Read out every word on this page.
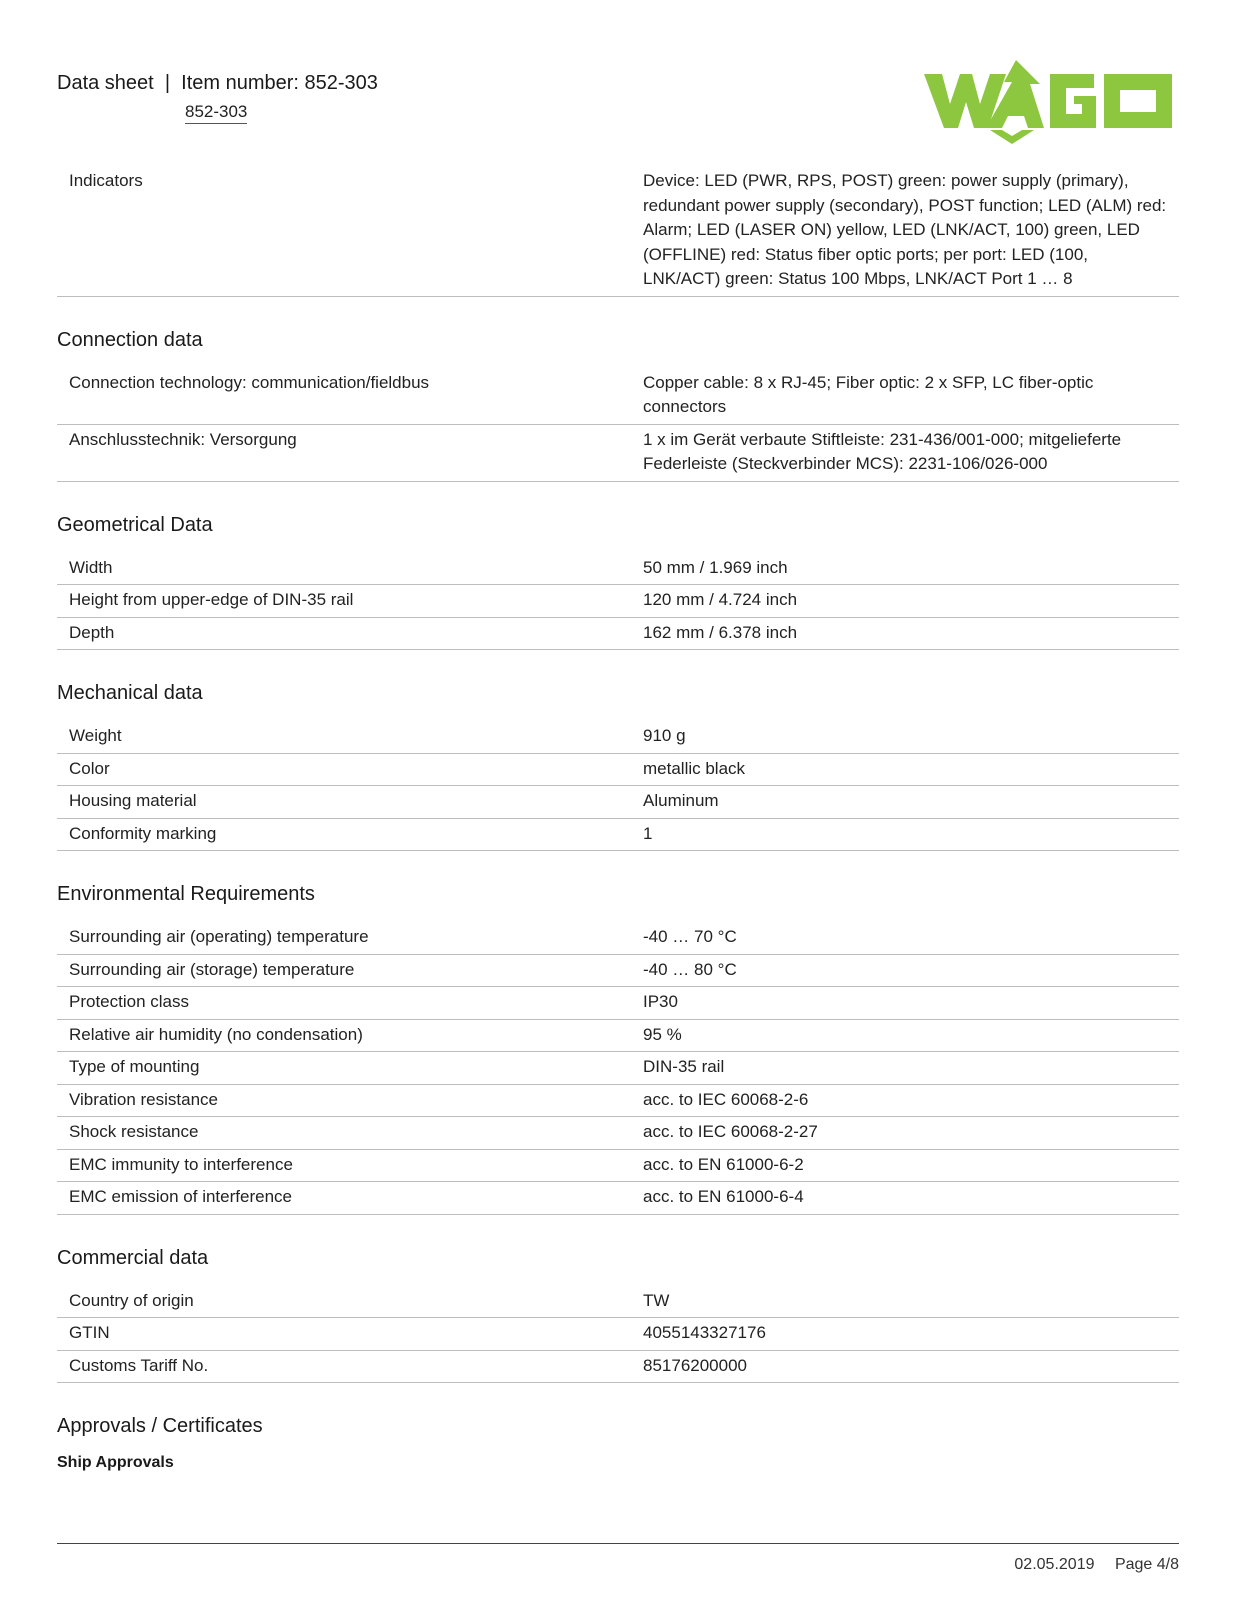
Data sheet  |  Item number: 852-303
852-303
Indicators	Device: LED (PWR, RPS, POST) green: power supply (primary), redundant power supply (secondary), POST function; LED (ALM) red: Alarm; LED (LASER ON) yellow, LED (LNK/ACT, 100) green, LED (OFFLINE) red: Status fiber optic ports; per port: LED (100, LNK/ACT) green: Status 100 Mbps, LNK/ACT Port 1 … 8
Connection data
Connection technology: communication/fieldbus	Copper cable: 8 x RJ-45; Fiber optic: 2 x SFP, LC fiber-optic connectors
Anschlusstechnik: Versorgung	1 x im Gerät verbaute Stiftleiste: 231-436/001-000; mitgelieferte Federleiste (Steckverbinder MCS): 2231-106/026-000
Geometrical Data
Width	50 mm / 1.969 inch
Height from upper-edge of DIN-35 rail	120 mm / 4.724 inch
Depth	162 mm / 6.378 inch
Mechanical data
Weight	910 g
Color	metallic black
Housing material	Aluminum
Conformity marking	1
Environmental Requirements
Surrounding air (operating) temperature	-40 … 70 °C
Surrounding air (storage) temperature	-40 … 80 °C
Protection class	IP30
Relative air humidity (no condensation)	95 %
Type of mounting	DIN-35 rail
Vibration resistance	acc. to IEC 60068-2-6
Shock resistance	acc. to IEC 60068-2-27
EMC immunity to interference	acc. to EN 61000-6-2
EMC emission of interference	acc. to EN 61000-6-4
Commercial data
Country of origin	TW
GTIN	4055143327176
Customs Tariff No.	85176200000
Approvals / Certificates
Ship Approvals
02.05.2019 Page 4/8
